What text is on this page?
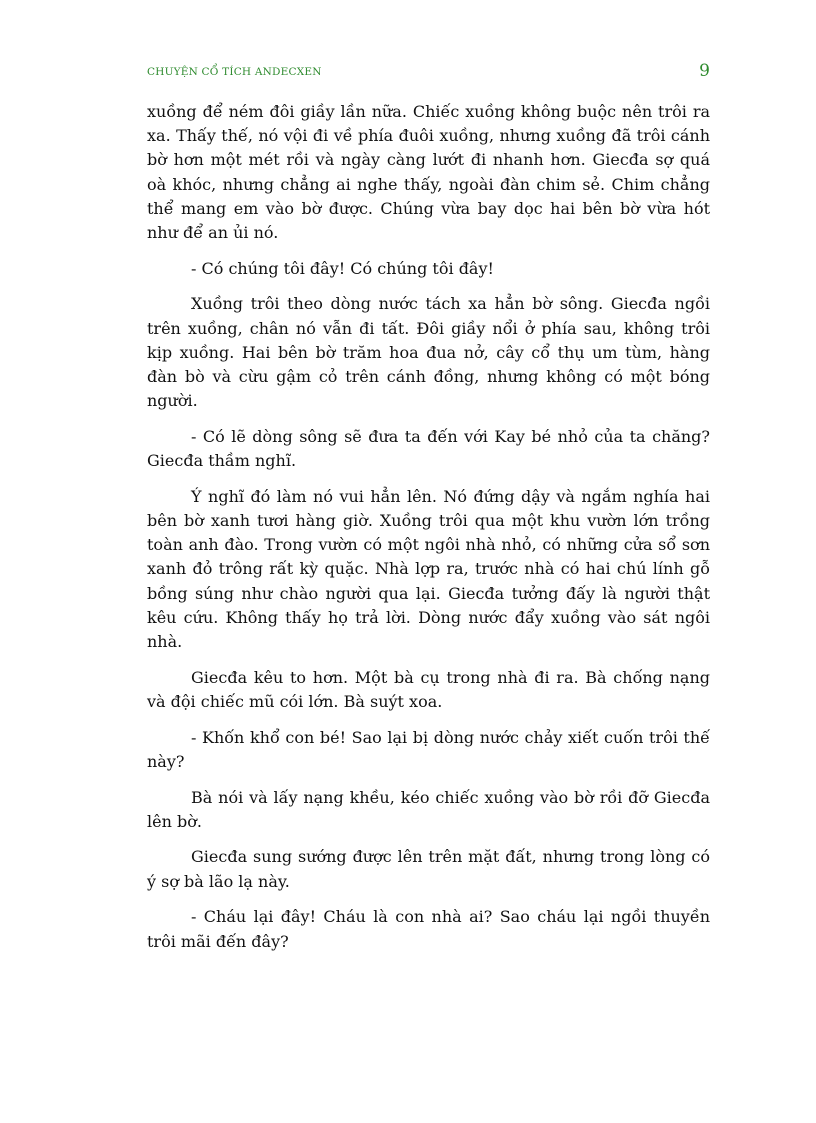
CHUYỆN CỔ TÍCH ANDECXEN	9

xuồng để ném đôi giầy lần nữa. Chiếc xuồng không buộc nên trôi ra xa. Thấy thế, nó vội đi về phía đuôi xuồng, nhưng xuồng đã trôi cánh bờ hơn một mét rồi và ngày càng lướt đi nhanh hơn. Giecđa sợ quá oà khóc, nhưng chẳng ai nghe thấy, ngoài đàn chim sẻ. Chim chẳng thể mang em vào bờ được. Chúng vừa bay dọc hai bên bờ vừa hót như để an ủi nó.

- Có chúng tôi đây! Có chúng tôi đây!

Xuồng trôi theo dòng nước tách xa hẳn bờ sông. Giecđa ngồi trên xuồng, chân nó vẫn đi tất. Đôi giầy nổi ở phía sau, không trôi kịp xuồng. Hai bên bờ trăm hoa đua nở, cây cổ thụ um tùm, hàng đàn bò và cừu gậm cỏ trên cánh đồng, nhưng không có một bóng người.

- Có lẽ dòng sông sẽ đưa ta đến với Kay bé nhỏ của ta chăng? Giecđa thầm nghĩ.

Ý nghĩ đó làm nó vui hẳn lên. Nó đứng dậy và ngắm nghía hai bên bờ xanh tươi hàng giờ. Xuồng trôi qua một khu vườn lớn trồng toàn anh đào. Trong vườn có một ngôi nhà nhỏ, có những cửa sổ sơn xanh đỏ trông rất kỳ quặc. Nhà lợp ra, trước nhà có hai chú lính gỗ bồng súng như chào người qua lại. Giecđa tưởng đấy là người thật kêu cứu. Không thấy họ trả lời. Dòng nước đẩy xuồng vào sát ngôi nhà.

Giecđa kêu to hơn. Một bà cụ trong nhà đi ra. Bà chống nạng và đội chiếc mũ cói lớn. Bà suýt xoa.

- Khốn khổ con bé! Sao lại bị dòng nước chảy xiết cuốn trôi thế này?

Bà nói và lấy nạng khều, kéo chiếc xuồng vào bờ rồi đỡ Giecđa lên bờ.

Giecđa sung sướng được lên trên mặt đất, nhưng trong lòng có ý sợ bà lão lạ này.

- Cháu lại đây! Cháu là con nhà ai? Sao cháu lại ngồi thuyền trôi mãi đến đây?
